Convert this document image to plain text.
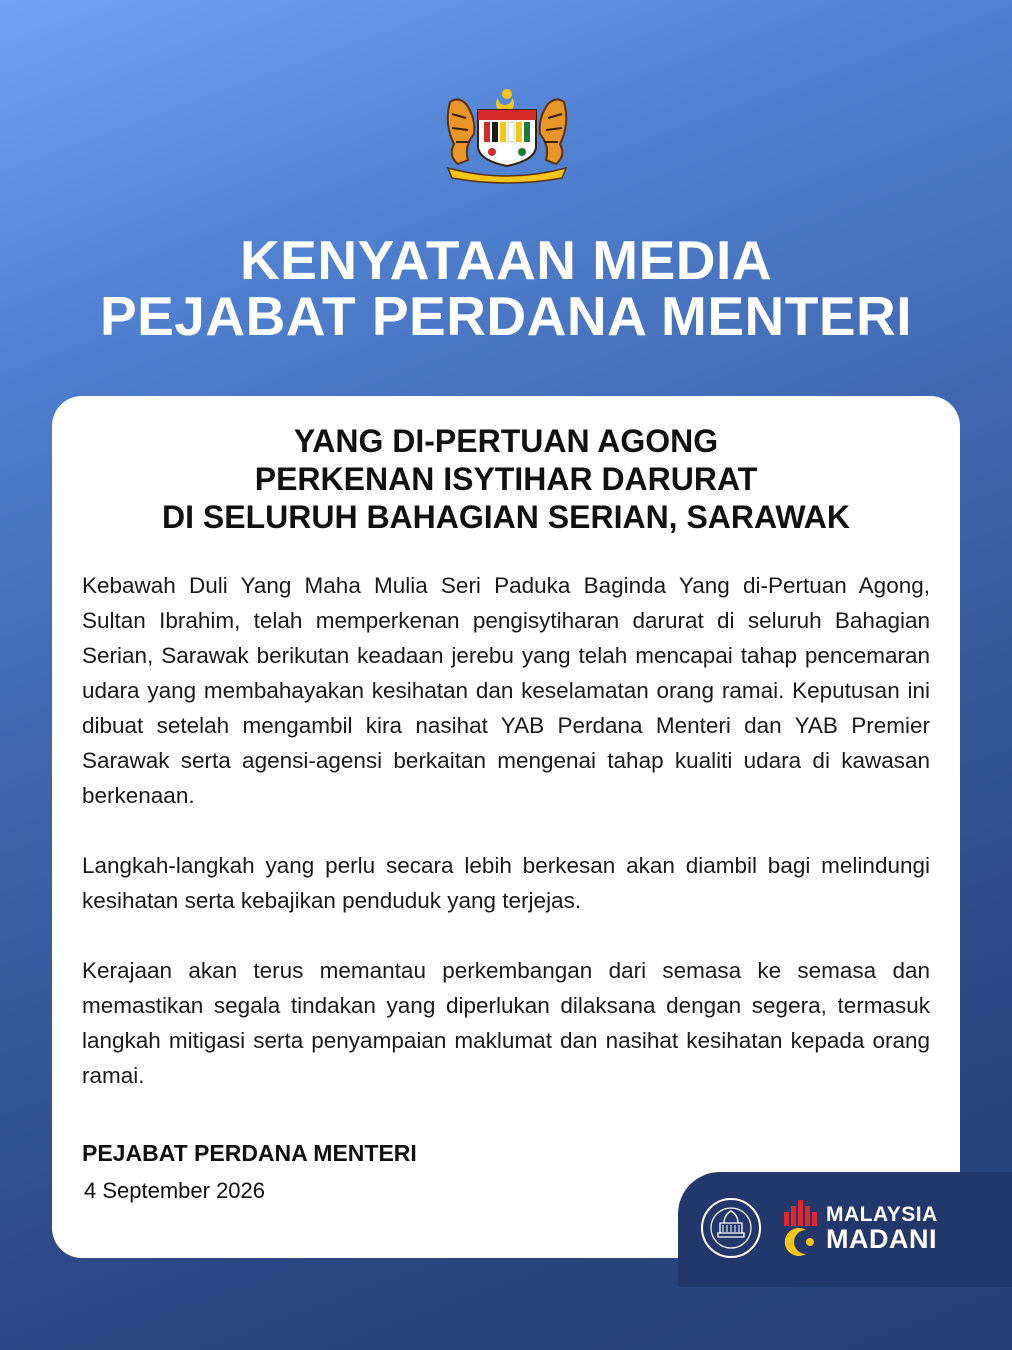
KENYATAAN MEDIA
PEJABAT PERDANA MENTERI
YANG DI-PERTUAN AGONG
PERKENAN ISYTIHAR DARURAT
DI SELURUH BAHAGIAN SERIAN, SARAWAK

Kebawah Duli Yang Maha Mulia Seri Paduka Baginda Yang di-Pertuan Agong, Sultan Ibrahim, telah memperkenan pengisytiharan darurat di seluruh Bahagian Serian, Sarawak berikutan keadaan jerebu yang telah mencapai tahap pencemaran udara yang membahayakan kesihatan dan keselamatan orang ramai. Keputusan ini dibuat setelah mengambil kira nasihat YAB Perdana Menteri dan YAB Premier Sarawak serta agensi-agensi berkaitan mengenai tahap kualiti udara di kawasan berkenaan.

Langkah-langkah yang perlu secara lebih berkesan akan diambil bagi melindungi kesihatan serta kebajikan penduduk yang terjejas.

Kerajaan akan terus memantau perkembangan dari semasa ke semasa dan memastikan segala tindakan yang diperlukan dilaksana dengan segera, termasuk langkah mitigasi serta penyampaian maklumat dan nasihat kesihatan kepada orang ramai.

PEJABAT PERDANA MENTERI
4 September 2026
MALAYSIA
MADANI
